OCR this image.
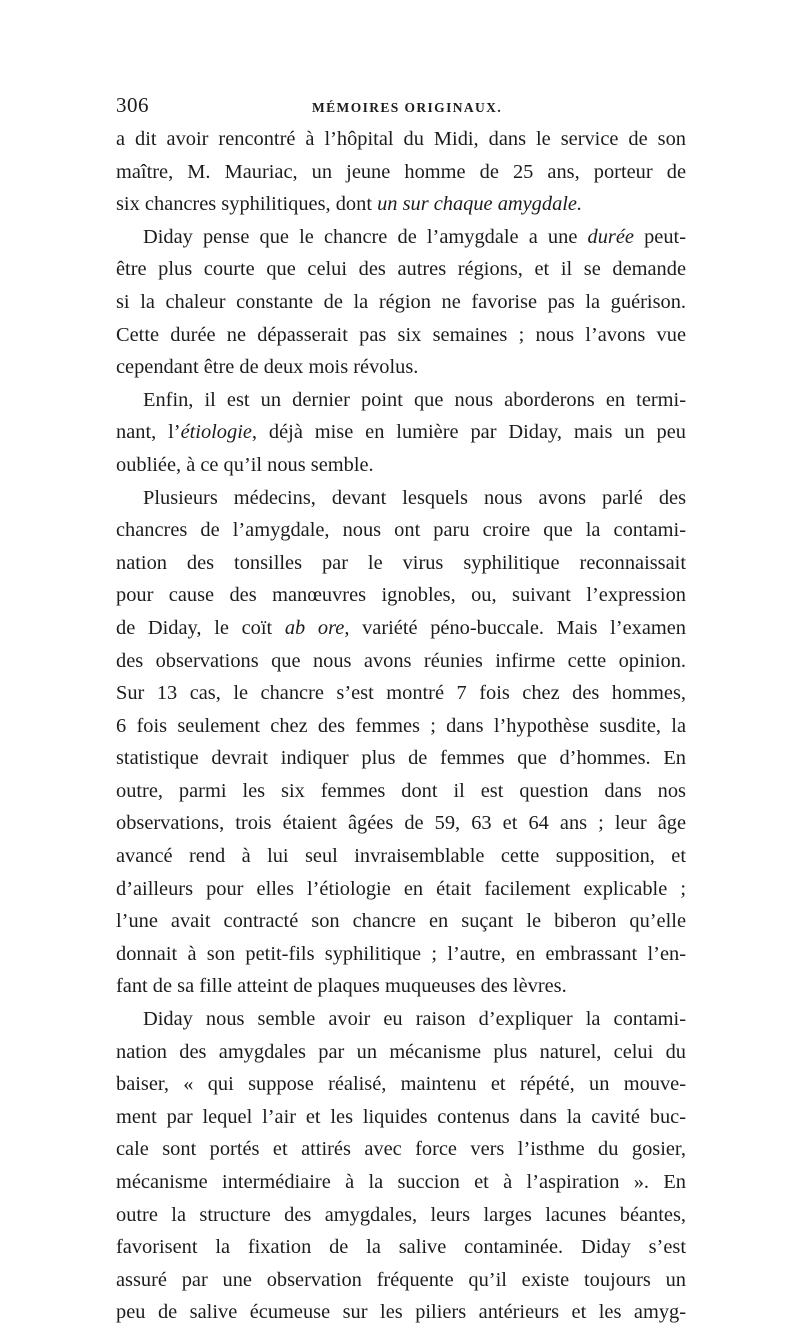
306	MÉMOIRES ORIGINAUX.
a dit avoir rencontré à l’hôpital du Midi, dans le service de son
maître, M. Mauriac, un jeune homme de 25 ans, porteur de
six chancres syphilitiques, dont un sur chaque amygdale.
Diday pense que le chancre de l’amygdale a une durée peut-
être plus courte que celui des autres régions, et il se demande
si la chaleur constante de la région ne favorise pas la guérison.
Cette durée ne dépasserait pas six semaines ; nous l’avons vue
cependant être de deux mois révolus.
Enfin, il est un dernier point que nous aborderons en termi-
nant, l’étiologie, déjà mise en lumière par Diday, mais un peu
oubliée, à ce qu’il nous semble.
Plusieurs médecins, devant lesquels nous avons parlé des
chancres de l’amygdale, nous ont paru croire que la contami-
nation des tonsilles par le virus syphilitique reconnaissait
pour cause des manœuvres ignobles, ou, suivant l’expression
de Diday, le coït ab ore, variété péno-buccale. Mais l’examen
des observations que nous avons réunies infirme cette opinion.
Sur 13 cas, le chancre s’est montré 7 fois chez des hommes,
6 fois seulement chez des femmes ; dans l’hypothèse susdite, la
statistique devrait indiquer plus de femmes que d’hommes. En
outre, parmi les six femmes dont il est question dans nos
observations, trois étaient âgées de 59, 63 et 64 ans ; leur âge
avancé rend à lui seul invraisemblable cette supposition, et
d’ailleurs pour elles l’étiologie en était facilement explicable ;
l’une avait contracté son chancre en suçant le biberon qu’elle
donnait à son petit-fils syphilitique ; l’autre, en embrassant l’en-
fant de sa fille atteint de plaques muqueuses des lèvres.
Diday nous semble avoir eu raison d’expliquer la contami-
nation des amygdales par un mécanisme plus naturel, celui du
baiser, « qui suppose réalisé, maintenu et répété, un mouve-
ment par lequel l’air et les liquides contenus dans la cavité buc-
cale sont portés et attirés avec force vers l’isthme du gosier,
mécanisme intermédiaire à la succion et à l’aspiration ». En
outre la structure des amygdales, leurs larges lacunes béantes,
favorisent la fixation de la salive contaminée. Diday s’est
assuré par une observation fréquente qu’il existe toujours un
peu de salive écumeuse sur les piliers antérieurs et les amyg-
